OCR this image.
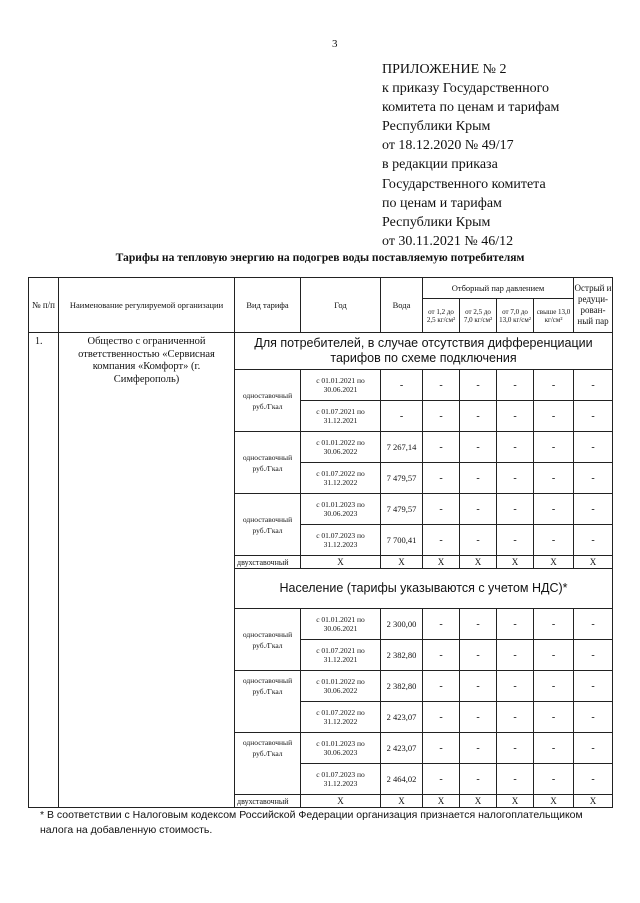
3
ПРИЛОЖЕНИЕ № 2
к приказу Государственного
комитета по ценам и тарифам
Республики Крым
от 18.12.2020 № 49/17
в редакции приказа
Государственного комитета
по ценам и тарифам
Республики Крым
от 30.11.2021 № 46/12
Тарифы на тепловую энергию на подогрев воды поставляемую потребителям
№ п/п	Наименование регулируемой организации	Вид тарифа	Год	Вода	Отборный пар давлением				Острый и редуци-рован-ный пар
					от 1,2 до 2,5 кг/см²	от 2,5 до 7,0 кг/см²	от 7,0 до 13,0 кг/см²	свыше 13,0 кг/см²	
1.	Общество с ограниченной ответственностью «Сервисная компания «Комфорт» (г. Симферополь)	Для потребителей, в случае отсутствия дифференциации тарифов по схеме подключения							
		одноставочный руб./Гкал	с 01.01.2021 по 30.06.2021	-	-	-	-	-	-
			с 01.07.2021 по 31.12.2021	-	-	-	-	-	-
		одноставочный руб./Гкал	с 01.01.2022 по 30.06.2022	7 267,14	-	-	-	-	-
			с 01.07.2022 по 31.12.2022	7 479,57	-	-	-	-	-
		одноставочный руб./Гкал	с 01.01.2023 по 30.06.2023	7 479,57	-	-	-	-	-
			с 01.07.2023 по 31.12.2023	7 700,41	-	-	-	-	-
		двухставочный	X	X	X	X	X	X	X
		Население (тарифы указываются с учетом НДС)*							
		одноставочный руб./Гкал	с 01.01.2021 по 30.06.2021	2 300,00	-	-	-	-	-
			с 01.07.2021 по 31.12.2021	2 382,80	-	-	-	-	-
		одноставочный руб./Гкал	с 01.01.2022 по 30.06.2022	2 382,80	-	-	-	-	-
			с 01.07.2022 по 31.12.2022	2 423,07	-	-	-	-	-
		одноставочный руб./Гкал	с 01.01.2023 по 30.06.2023	2 423,07	-	-	-	-	-
			с 01.07.2023 по 31.12.2023	2 464,02	-	-	-	-	-
		двухставочный	X	X	X	X	X	X	X
* В соответствии с Налоговым кодексом Российской Федерации организация признается налогоплательщиком налога на добавленную стоимость.
